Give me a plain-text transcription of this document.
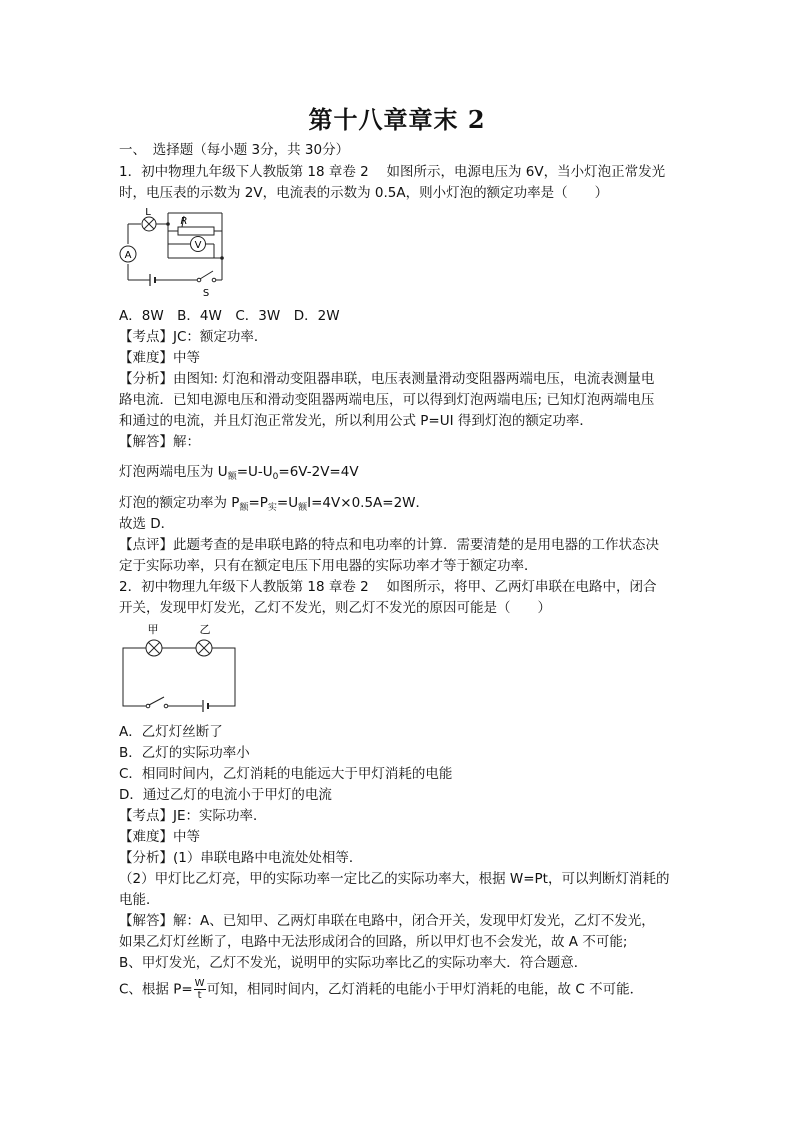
第十八章章末 2
一、　选择题（每小题 3分，共 30分）
1．初中物理九年级下人教版第 18 章卷 2　 如图所示，电源电压为 6V，当小灯泡正常发光
时，电压表的示数为 2V，电流表的示数为 0.5A，则小灯泡的额定功率是（　　）
A
L
R
V
S
A．8W　B．4W　C．3W　D．2W
【考点】JC：额定功率．
【难度】中等
【分析】由图知: 灯泡和滑动变阻器串联，电压表测量滑动变阻器两端电压，电流表测量电
路电流．已知电源电压和滑动变阻器两端电压，可以得到灯泡两端电压; 已知灯泡两端电压
和通过的电流，并且灯泡正常发光，所以利用公式 P=UI 得到灯泡的额定功率．
【解答】解：
灯泡两端电压为 $U_额=U-U_0=6V-2V=4V$
灯泡的额定功率为 $P_额=P_实=U_额I=4V\times 0.5A=2W$．
故选 D．
【点评】此题考查的是串联电路的特点和电功率的计算．需要清楚的是用电器的工作状态决
定于实际功率，只有在额定电压下用电器的实际功率才等于额定功率．
2．初中物理九年级下人教版第 18 章卷 2　 如图所示，将甲、乙两灯串联在电路中，闭合
开关，发现甲灯发光，乙灯不发光，则乙灯不发光的原因可能是（　　）
甲	乙
A．乙灯灯丝断了
B．乙灯的实际功率小
C．相同时间内，乙灯消耗的电能远大于甲灯消耗的电能
D．通过乙灯的电流小于甲灯的电流
【考点】JE：实际功率．
【难度】中等
【分析】(1）串联电路中电流处处相等．
（2）甲灯比乙灯亮，甲的实际功率一定比乙的实际功率大，根据 W=Pt，可以判断灯消耗的
电能．
【解答】解：A、已知甲、乙两灯串联在电路中，闭合开关，发现甲灯发光，乙灯不发光，
如果乙灯灯丝断了，电路中无法形成闭合的回路，所以甲灯也不会发光，故 A 不可能;
B、甲灯发光，乙灯不发光，说明甲的实际功率比乙的实际功率大．符合题意．
C、根据 $P= \frac{W}{t}$ 可知，相同时间内，乙灯消耗的电能小于甲灯消耗的电能，故 C 不可能．
